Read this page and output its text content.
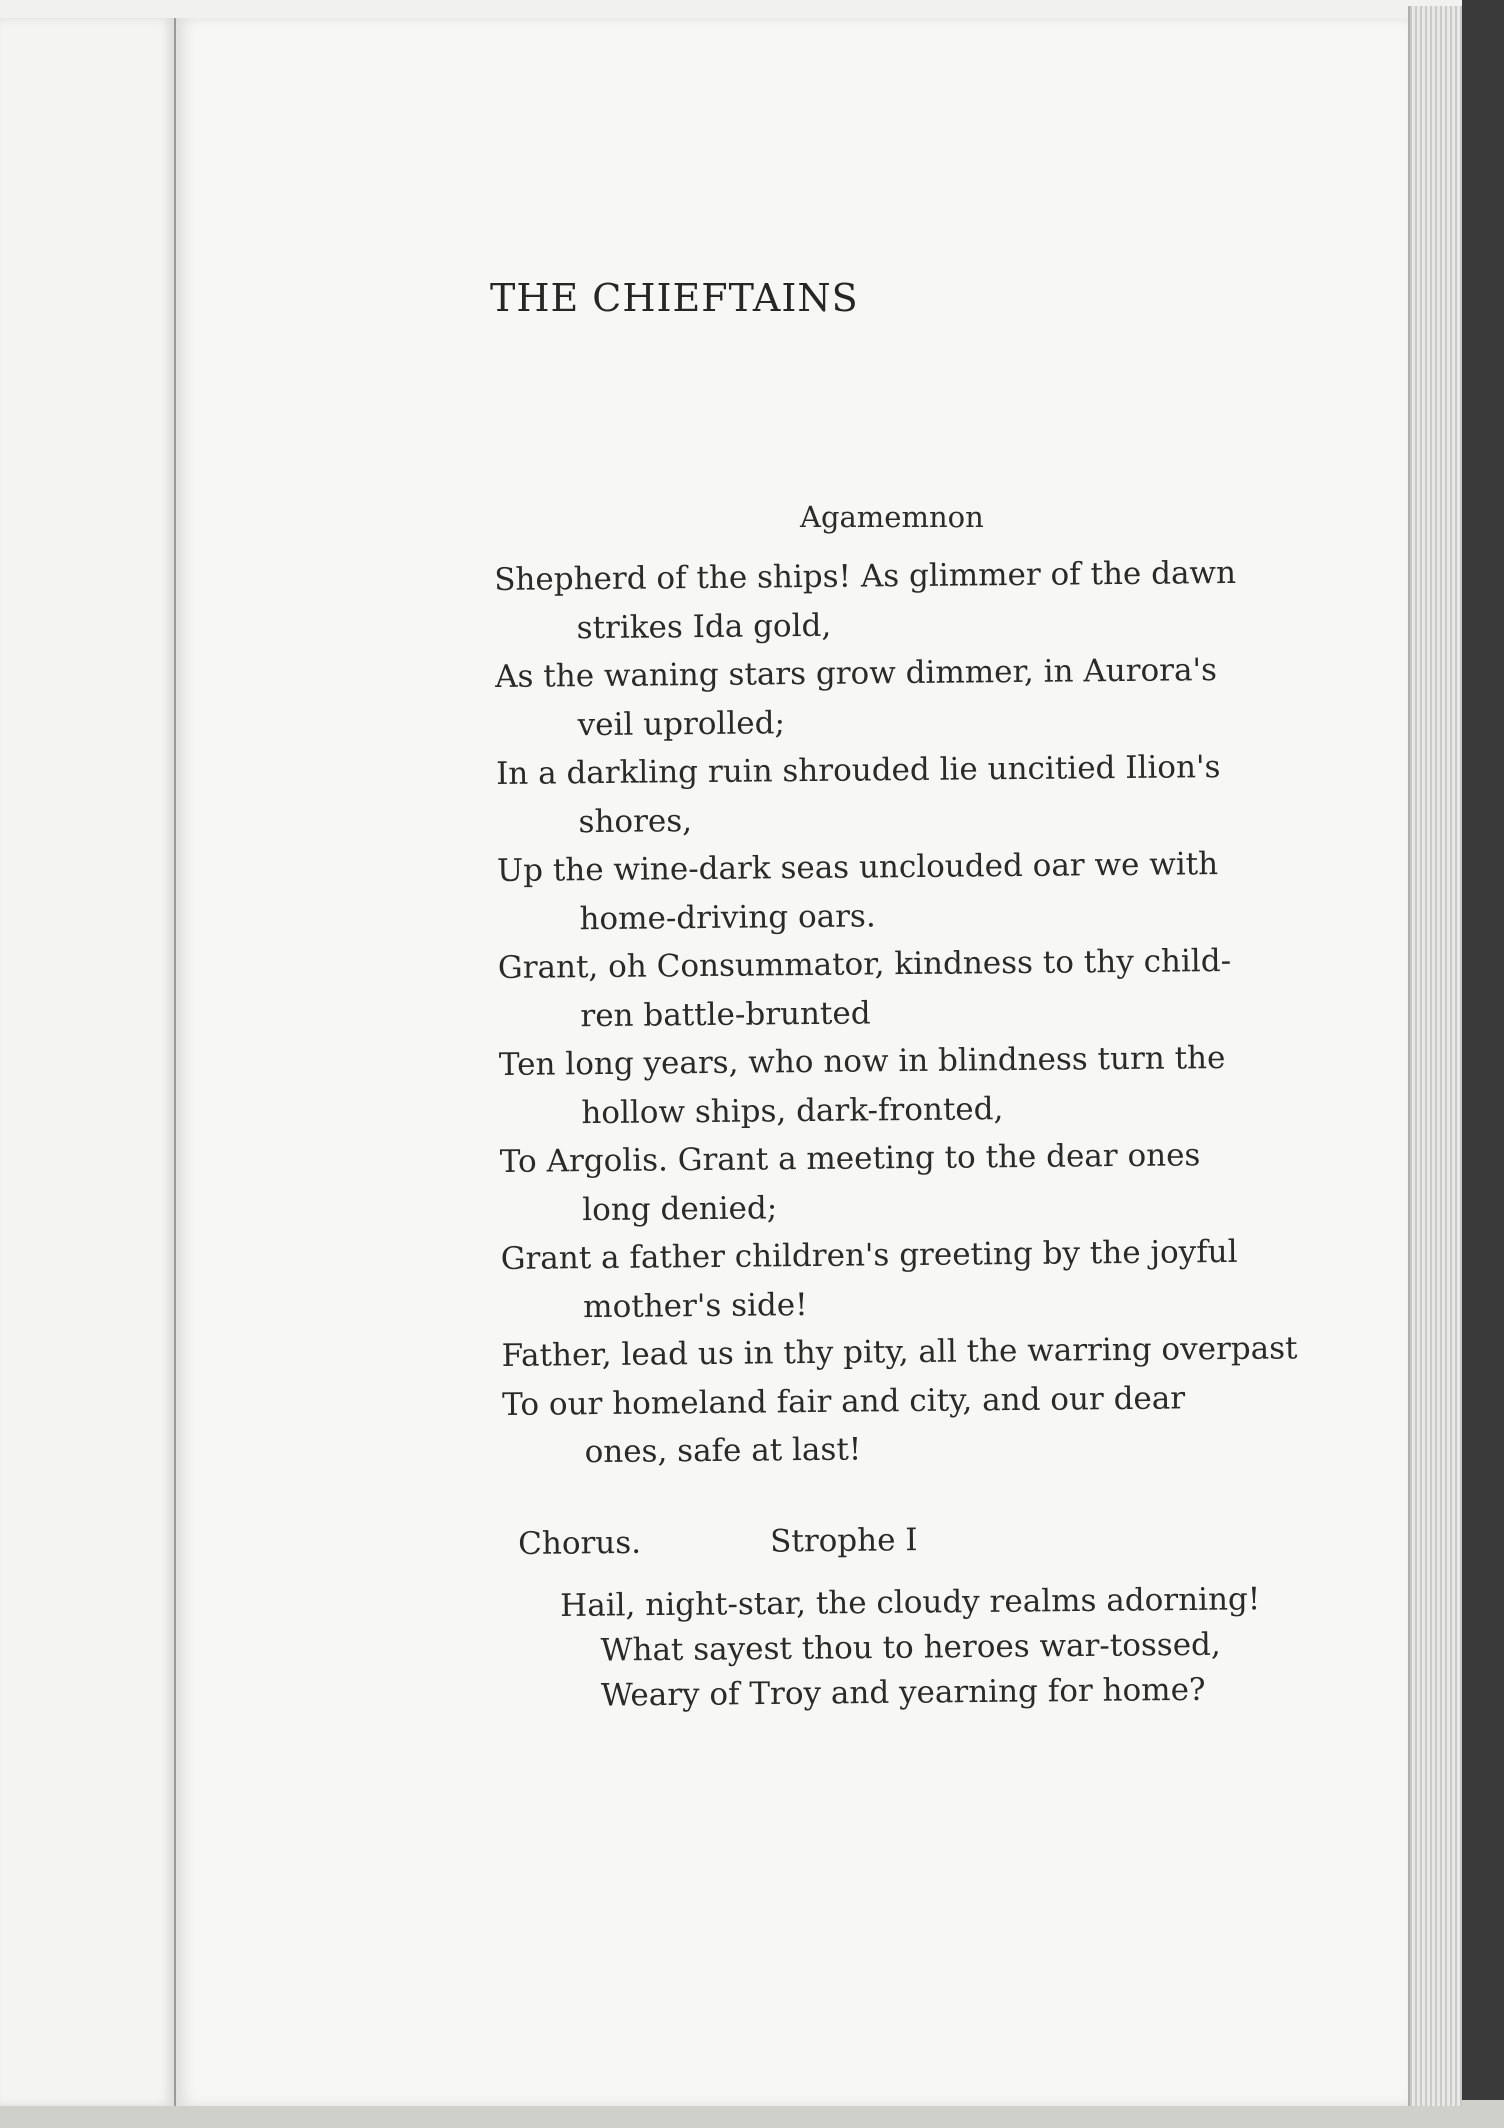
THE CHIEFTAINS
Agamemnon
Shepherd of the ships! As glimmer of the dawn
strikes Ida gold,
As the waning stars grow dimmer, in Aurora's
veil uprolled;
In a darkling ruin shrouded lie uncitied Ilion's
shores,
Up the wine-dark seas unclouded oar we with
home-driving oars.
Grant, oh Consummator, kindness to thy child-
ren battle-brunted
Ten long years, who now in blindness turn the
hollow ships, dark-fronted,
To Argolis. Grant a meeting to the dear ones
long denied;
Grant a father children's greeting by the joyful
mother's side!
Father, lead us in thy pity, all the warring overpast
To our homeland fair and city, and our dear
ones, safe at last!
Chorus.	Strophe I
Hail, night-star, the cloudy realms adorning!
What sayest thou to heroes war-tossed,
Weary of Troy and yearning for home?
